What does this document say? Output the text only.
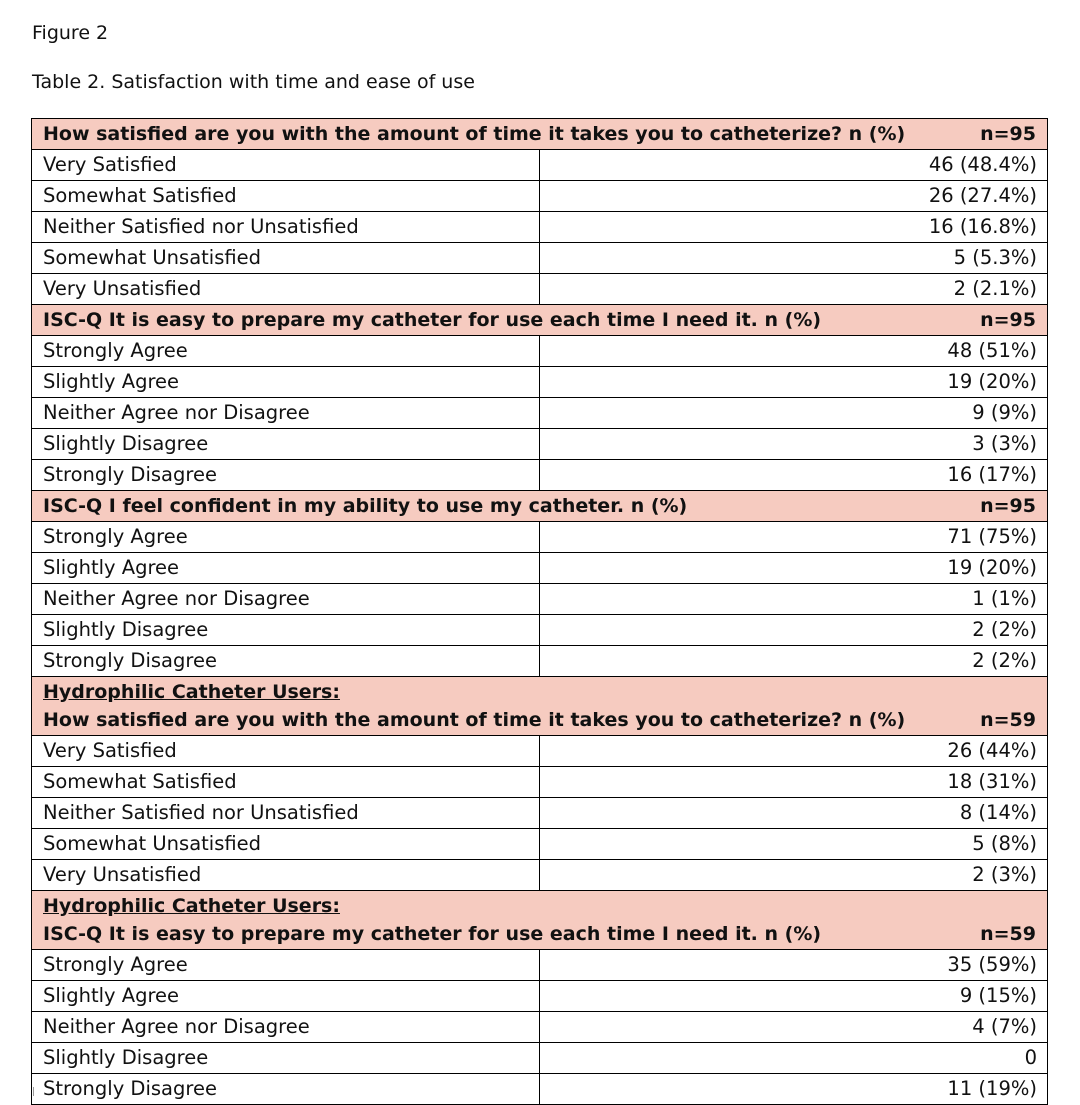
Figure 2
Table 2. Satisfaction with time and ease of use
How satisfied are you with the amount of time it takes you to catheterize? n (%) n=95	

Very Satisfied	46 (48.4%)
Somewhat Satisfied	26 (27.4%)
Neither Satisfied nor Unsatisfied	16 (16.8%)
Somewhat Unsatisfied	5 (5.3%)
Very Unsatisfied	2 (2.1%)

ISC-Q It is easy to prepare my catheter for use each time I need it. n (%) n=95	

Strongly Agree	48 (51%)
Slightly Agree	19 (20%)
Neither Agree nor Disagree	9 (9%)
Slightly Disagree	3 (3%)
Strongly Disagree	16 (17%)

ISC-Q I feel confident in my ability to use my catheter. n (%) n=95	

Strongly Agree	71 (75%)
Slightly Agree	19 (20%)
Neither Agree nor Disagree	1 (1%)
Slightly Disagree	2 (2%)
Strongly Disagree	2 (2%)

Hydrophilic Catheter Users:
How satisfied are you with the amount of time it takes you to catheterize? n (%) n=59	

Very Satisfied	26 (44%)
Somewhat Satisfied	18 (31%)
Neither Satisfied nor Unsatisfied	8 (14%)
Somewhat Unsatisfied	5 (8%)
Very Unsatisfied	2 (3%)

Hydrophilic Catheter Users:
ISC-Q It is easy to prepare my catheter for use each time I need it. n (%) n=59	

Strongly Agree	35 (59%)
Slightly Agree	9 (15%)
Neither Agree nor Disagree	4 (7%)
Slightly Disagree	0
Strongly Disagree	11 (19%)
